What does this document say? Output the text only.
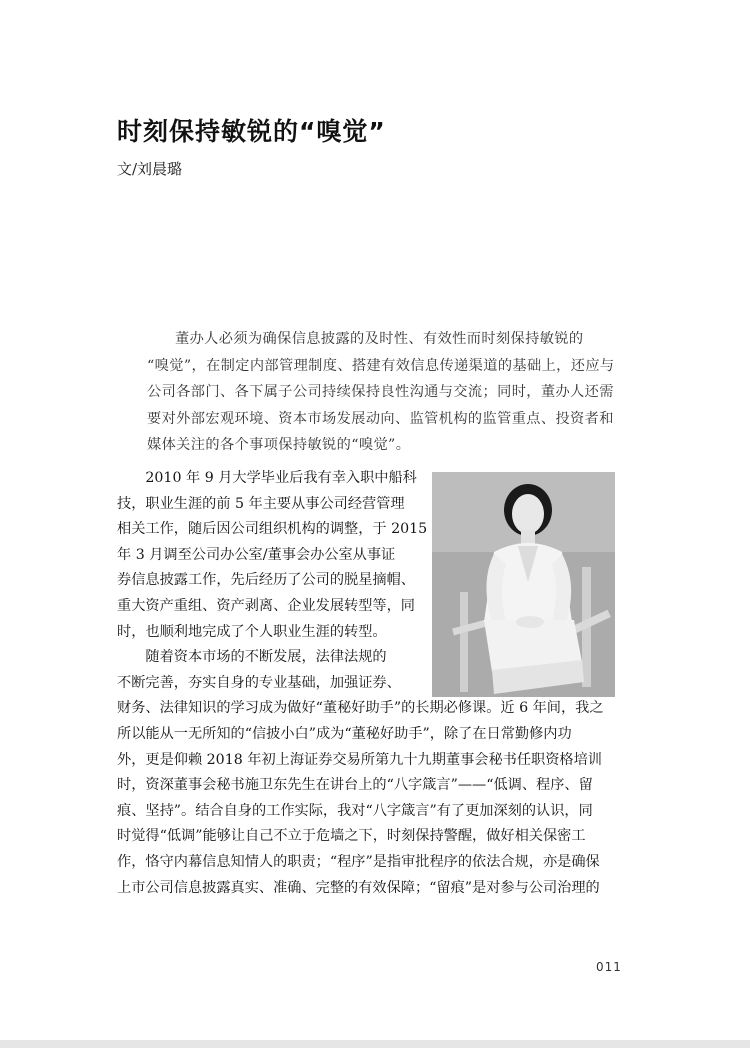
时刻保持敏锐的“嗅觉”
文/刘晨璐
董办人必须为确保信息披露的及时性、有效性而时刻保持敏锐的
“嗅觉”，在制定内部管理制度、搭建有效信息传递渠道的基础上，还应与
公司各部门、各下属子公司持续保持良性沟通与交流；同时，董办人还需
要对外部宏观环境、资本市场发展动向、监管机构的监管重点、投资者和
媒体关注的各个事项保持敏锐的“嗅觉”。
　　2010 年 9 月大学毕业后我有幸入职中船科
技，职业生涯的前 5 年主要从事公司经营管理
相关工作，随后因公司组织机构的调整，于 2015
年 3 月调至公司办公室/董事会办公室从事证
券信息披露工作，先后经历了公司的脱星摘帽、
重大资产重组、资产剥离、企业发展转型等，同
时，也顺利地完成了个人职业生涯的转型。
　　随着资本市场的不断发展，法律法规的
不断完善，夯实自身的专业基础，加强证券、
财务、法律知识的学习成为做好“董秘好助手”的长期必修课。近 6 年间，我之
所以能从一无所知的“信披小白”成为“董秘好助手”，除了在日常勤修内功
外，更是仰赖 2018 年初上海证券交易所第九十九期董事会秘书任职资格培训
时，资深董事会秘书施卫东先生在讲台上的“八字箴言”——“低调、程序、留
痕、坚持”。结合自身的工作实际，我对“八字箴言”有了更加深刻的认识，同
时觉得“低调”能够让自己不立于危墙之下，时刻保持警醒，做好相关保密工
作，恪守内幕信息知情人的职责；“程序”是指审批程序的依法合规，亦是确保
上市公司信息披露真实、准确、完整的有效保障；“留痕”是对参与公司治理的
011
